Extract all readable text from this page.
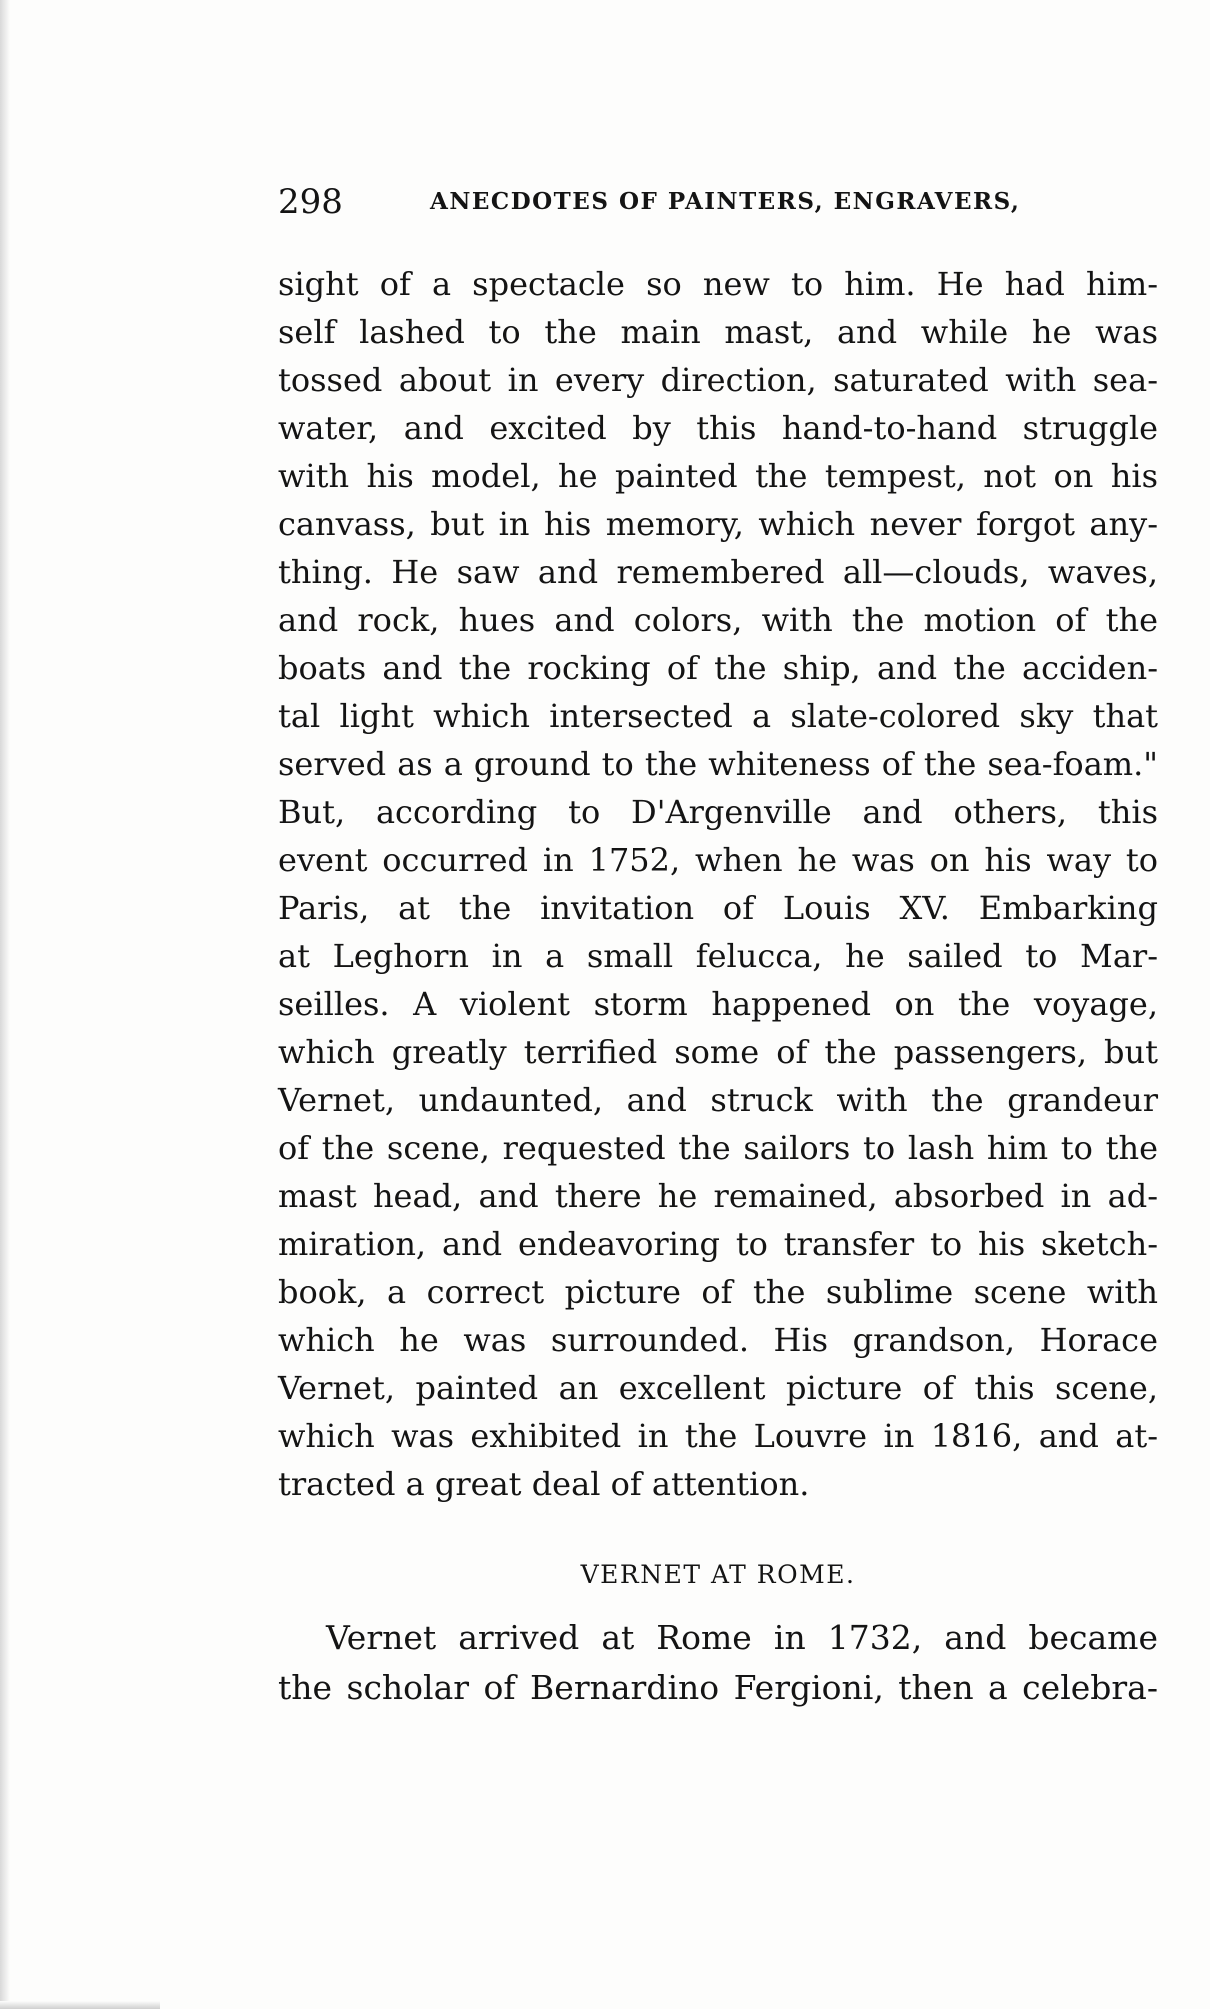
298	ANECDOTES OF PAINTERS, ENGRAVERS,
sight of a spectacle so new to him. He had him-
self lashed to the main mast, and while he was
tossed about in every direction, saturated with sea-
water, and excited by this hand-to-hand struggle
with his model, he painted the tempest, not on his
canvass, but in his memory, which never forgot any-
thing. He saw and remembered all—clouds, waves,
and rock, hues and colors, with the motion of the
boats and the rocking of the ship, and the acciden-
tal light which intersected a slate-colored sky that
served as a ground to the whiteness of the sea-foam."
But, according to D'Argenville and others, this
event occurred in 1752, when he was on his way to
Paris, at the invitation of Louis XV. Embarking
at Leghorn in a small felucca, he sailed to Mar-
seilles. A violent storm happened on the voyage,
which greatly terrified some of the passengers, but
Vernet, undaunted, and struck with the grandeur
of the scene, requested the sailors to lash him to the
mast head, and there he remained, absorbed in ad-
miration, and endeavoring to transfer to his sketch-
book, a correct picture of the sublime scene with
which he was surrounded. His grandson, Horace
Vernet, painted an excellent picture of this scene,
which was exhibited in the Louvre in 1816, and at-
tracted a great deal of attention.
VERNET AT ROME.
Vernet arrived at Rome in 1732, and became
the scholar of Bernardino Fergioni, then a celebra-
